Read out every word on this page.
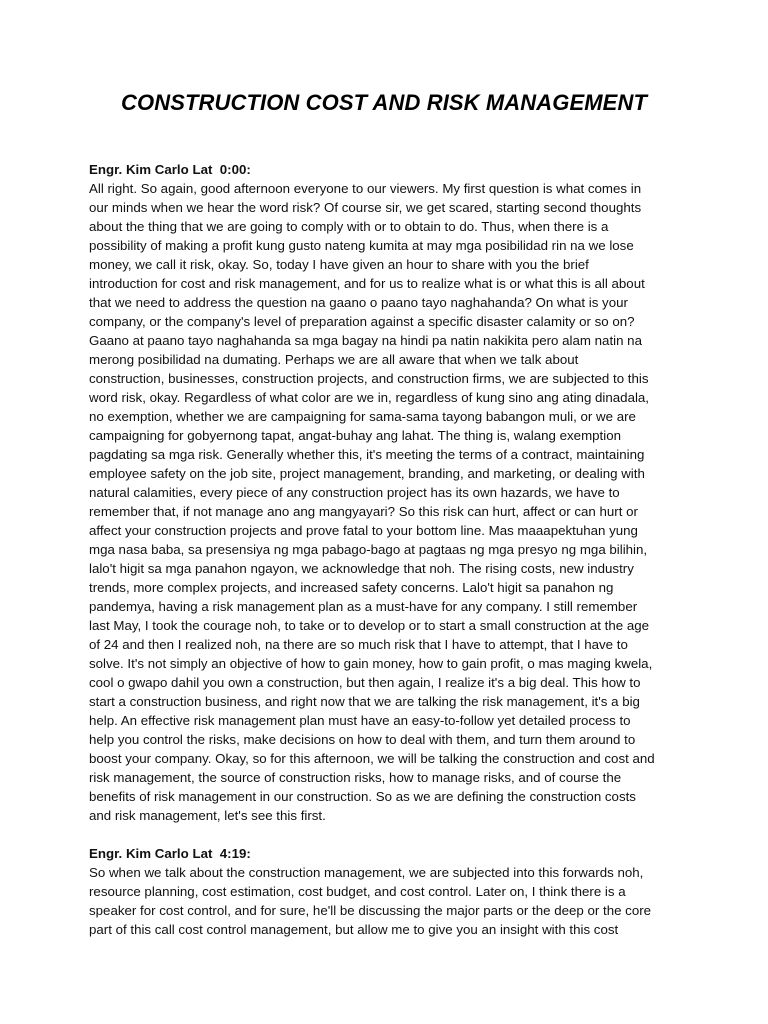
CONSTRUCTION COST AND RISK MANAGEMENT
Engr. Kim Carlo Lat  0:00:
All right. So again, good afternoon everyone to our viewers. My first question is what comes in
our minds when we hear the word risk? Of course sir, we get scared, starting second thoughts
about the thing that we are going to comply with or to obtain to do. Thus, when there is a
possibility of making a profit kung gusto nateng kumita at may mga posibilidad rin na we lose
money, we call it risk, okay. So, today I have given an hour to share with you the brief
introduction for cost and risk management, and for us to realize what is or what this is all about
that we need to address the question na gaano o paano tayo naghahanda? On what is your
company, or the company's level of preparation against a specific disaster calamity or so on?
Gaano at paano tayo naghahanda sa mga bagay na hindi pa natin nakikita pero alam natin na
merong posibilidad na dumating. Perhaps we are all aware that when we talk about
construction, businesses, construction projects, and construction firms, we are subjected to this
word risk, okay. Regardless of what color are we in, regardless of kung sino ang ating dinadala,
no exemption, whether we are campaigning for sama-sama tayong babangon muli, or we are
campaigning for gobyernong tapat, angat-buhay ang lahat. The thing is, walang exemption
pagdating sa mga risk. Generally whether this, it's meeting the terms of a contract, maintaining
employee safety on the job site, project management, branding, and marketing, or dealing with
natural calamities, every piece of any construction project has its own hazards, we have to
remember that, if not manage ano ang mangyayari? So this risk can hurt, affect or can hurt or
affect your construction projects and prove fatal to your bottom line. Mas maaapektuhan yung
mga nasa baba, sa presensiya ng mga pabago-bago at pagtaas ng mga presyo ng mga bilihin,
lalo't higit sa mga panahon ngayon, we acknowledge that noh. The rising costs, new industry
trends, more complex projects, and increased safety concerns. Lalo't higit sa panahon ng
pandemya, having a risk management plan as a must-have for any company. I still remember
last May, I took the courage noh, to take or to develop or to start a small construction at the age
of 24 and then I realized noh, na there are so much risk that I have to attempt, that I have to
solve. It's not simply an objective of how to gain money, how to gain profit, o mas maging kwela,
cool o gwapo dahil you own a construction, but then again, I realize it's a big deal. This how to
start a construction business, and right now that we are talking the risk management, it's a big
help. An effective risk management plan must have an easy-to-follow yet detailed process to
help you control the risks, make decisions on how to deal with them, and turn them around to
boost your company. Okay, so for this afternoon, we will be talking the construction and cost and
risk management, the source of construction risks, how to manage risks, and of course the
benefits of risk management in our construction. So as we are defining the construction costs
and risk management, let's see this first.
Engr. Kim Carlo Lat  4:19:
So when we talk about the construction management, we are subjected into this forwards noh,
resource planning, cost estimation, cost budget, and cost control. Later on, I think there is a
speaker for cost control, and for sure, he'll be discussing the major parts or the deep or the core
part of this call cost control management, but allow me to give you an insight with this cost
